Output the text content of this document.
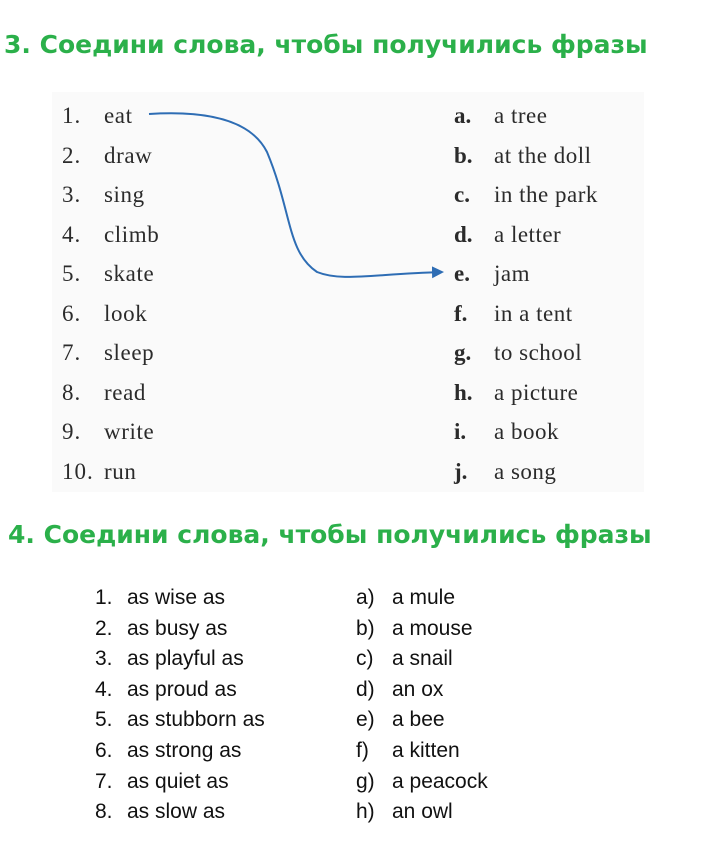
3. Соедини слова, чтобы получились фразы
1. eat	a. a tree
2. draw	b. at the doll
3. sing	c. in the park
4. climb	d. a letter
5. skate	e. jam
6. look	f. in a tent
7. sleep	g. to school
8. read	h. a picture
9. write	i. a book
10. run	j. a song
4. Соедини слова, чтобы получились фразы
1. as wise as	a) a mule
2. as busy as	b) a mouse
3. as playful as	c) a snail
4. as proud as	d) an ox
5. as stubborn as	e) a bee
6. as strong as	f) a kitten
7. as quiet as	g) a peacock
8. as slow as	h) an owl
